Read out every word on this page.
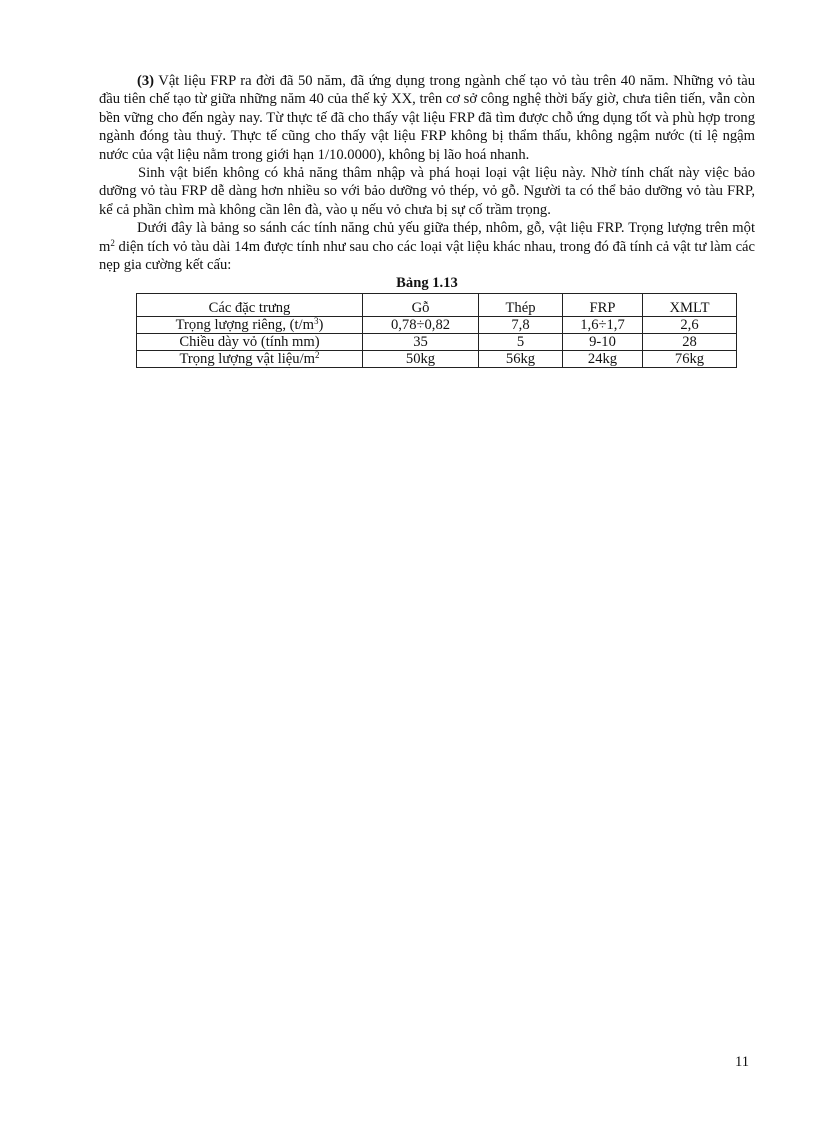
(3) Vật liệu FRP ra đời đã 50 năm, đã ứng dụng trong ngành chế tạo vỏ tàu trên 40 năm. Những vỏ tàu đầu tiên chế tạo từ giữa những năm 40 của thế kỷ XX, trên cơ sở công nghệ thời bấy giờ, chưa tiên tiến, vẫn còn bền vững cho đến ngày nay. Từ thực tế đã cho thấy vật liệu FRP đã tìm được chỗ ứng dụng tốt và phù hợp trong ngành đóng tàu thuỷ. Thực tế cũng cho thấy vật liệu FRP không bị thẩm thấu, không ngậm nước (tỉ lệ ngậm nước của vật liệu nằm trong giới hạn 1/10.0000), không bị lão hoá nhanh.

Sinh vật biển không có khả năng thâm nhập và phá hoại loại vật liệu này. Nhờ tính chất này việc bảo dưỡng vỏ tàu FRP dễ dàng hơn nhiều so với bảo dưỡng vỏ thép, vỏ gỗ. Người ta có thể bảo dưỡng vỏ tàu FRP, kể cả phần chìm mà không cần lên đà, vào ụ nếu vỏ chưa bị sự cố trầm trọng.

Dưới đây là bảng so sánh các tính năng chủ yếu giữa thép, nhôm, gỗ, vật liệu FRP. Trọng lượng trên một $m^2$ diện tích vỏ tàu dài 14m được tính như sau cho các loại vật liệu khác nhau, trong đó đã tính cả vật tư làm các nẹp gia cường kết cấu:

Bảng 1.13

Các đặc trưng	Gỗ	Thép	FRP	XMLT
Trọng lượng riêng, $(t/m^3)$	0,78÷0,82	7,8	1,6÷1,7	2,6
Chiều dày vỏ (tính mm)	35	5	9-10	28
Trọng lượng vật liệu/$m^2$	50kg	56kg	24kg	76kg
11
